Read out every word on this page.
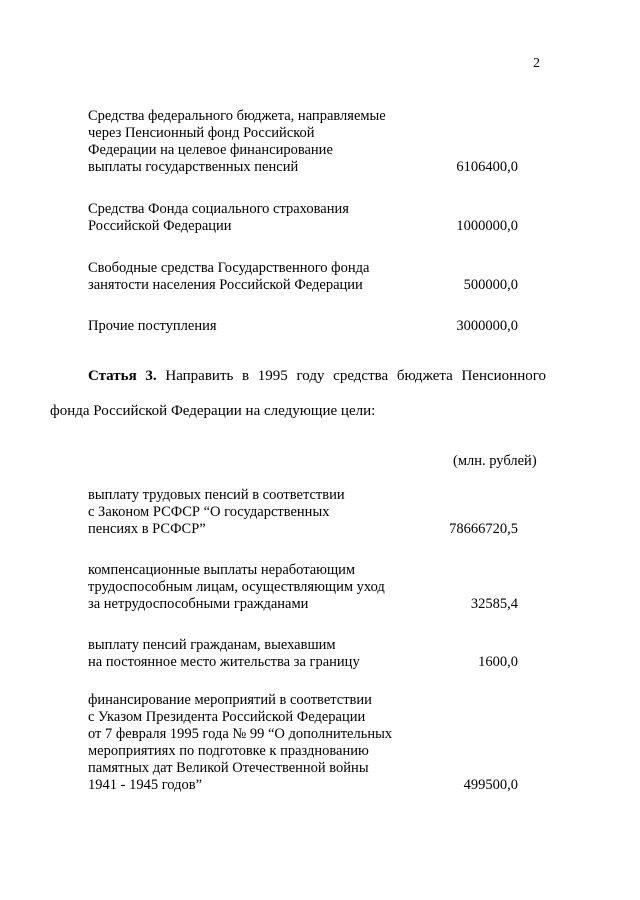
2
Средства федерального бюджета, направляемые
через Пенсионный фонд Российской
Федерации на целевое финансирование
выплаты государственных пенсий	6106400,0
Средства Фонда социального страхования
Российской Федерации	1000000,0
Свободные средства Государственного фонда
занятости населения Российской Федерации	500000,0
Прочие поступления	3000000,0
Статья 3. Направить в 1995 году средства бюджета Пенсионного
фонда Российской Федерации на следующие цели:
(млн. рублей)
выплату трудовых пенсий в соответствии
с Законом РСФСР “О государственных
пенсиях в РСФСР”	78666720,5
компенсационные выплаты неработающим
трудоспособным лицам, осуществляющим уход
за нетрудоспособными гражданами	32585,4
выплату пенсий гражданам, выехавшим
на постоянное место жительства за границу	1600,0
финансирование мероприятий в соответствии
с Указом Президента Российской Федерации
от 7 февраля 1995 года № 99 “О дополнительных
мероприятиях по подготовке к празднованию
памятных дат Великой Отечественной войны
1941 - 1945 годов”	499500,0
